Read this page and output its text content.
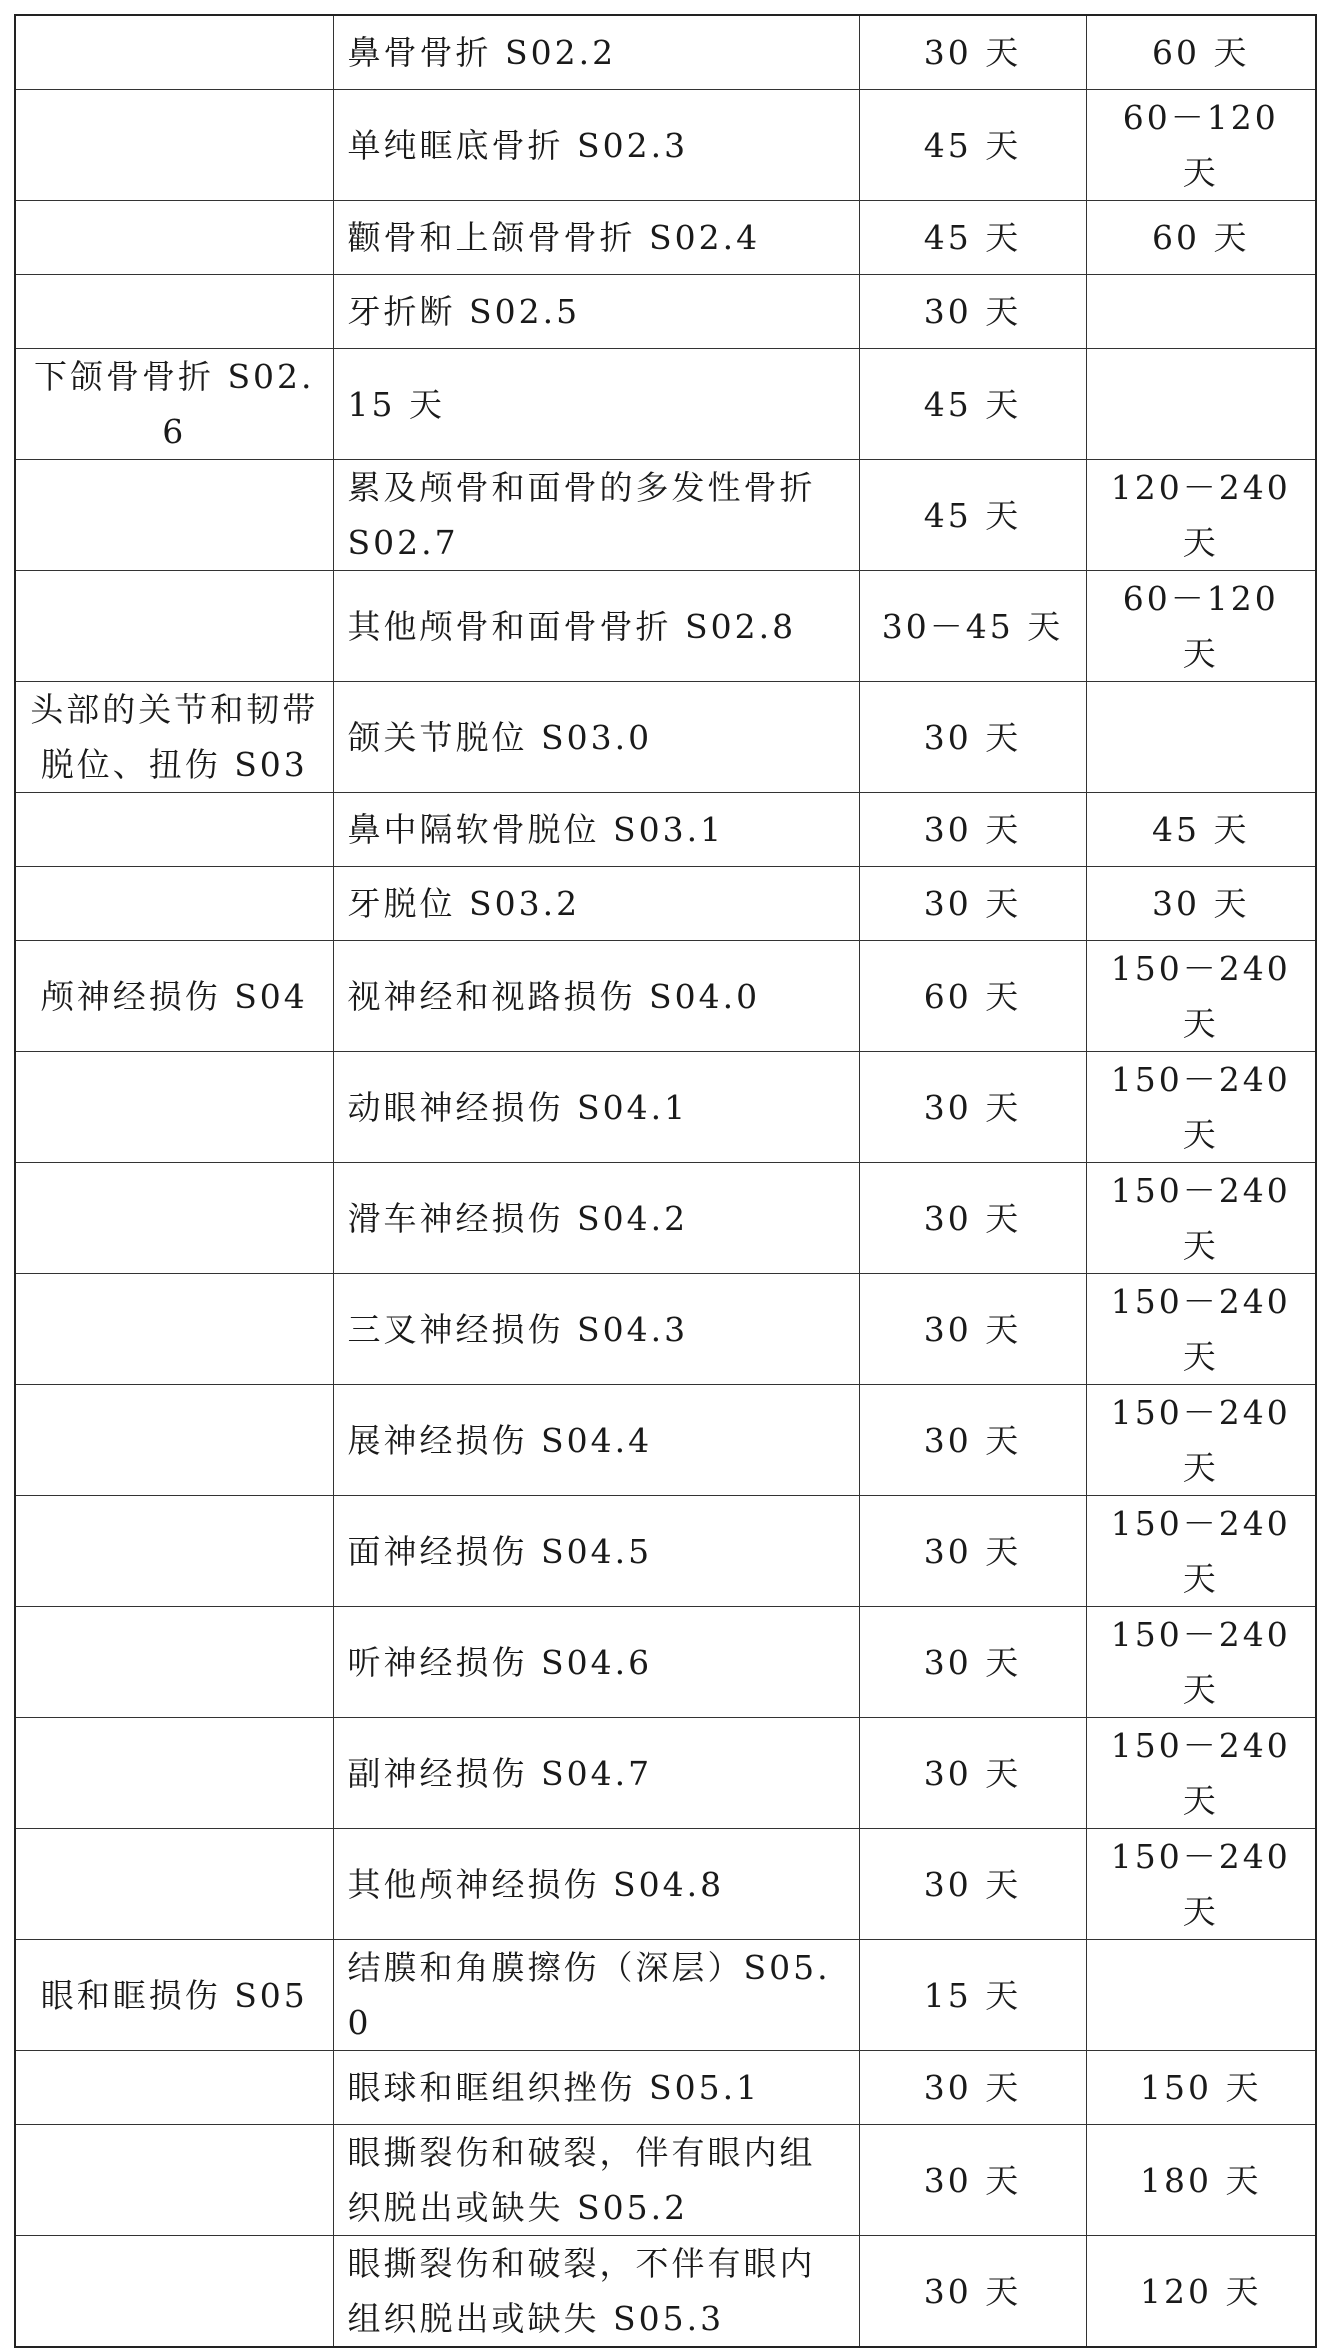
	鼻骨骨折 S02.2	30 天	60 天
	单纯眶底骨折 S02.3	45 天	60－120 天
	颧骨和上颌骨骨折 S02.4	45 天	60 天
	牙折断 S02.5	30 天	
下颌骨骨折 S02.6	15 天	45 天	
	累及颅骨和面骨的多发性骨折 S02.7	45 天	120－240 天
	其他颅骨和面骨骨折 S02.8	30－45 天	60－120 天
头部的关节和韧带脱位、扭伤 S03	颌关节脱位 S03.0	30 天	
	鼻中隔软骨脱位 S03.1	30 天	45 天
	牙脱位 S03.2	30 天	30 天
颅神经损伤 S04	视神经和视路损伤 S04.0	60 天	150－240 天
	动眼神经损伤 S04.1	30 天	150－240 天
	滑车神经损伤 S04.2	30 天	150－240 天
	三叉神经损伤 S04.3	30 天	150－240 天
	展神经损伤 S04.4	30 天	150－240 天
	面神经损伤 S04.5	30 天	150－240 天
	听神经损伤 S04.6	30 天	150－240 天
	副神经损伤 S04.7	30 天	150－240 天
	其他颅神经损伤 S04.8	30 天	150－240 天
眼和眶损伤 S05	结膜和角膜擦伤（深层）S05.0	15 天	
	眼球和眶组织挫伤 S05.1	30 天	150 天
	眼撕裂伤和破裂，伴有眼内组织脱出或缺失 S05.2	30 天	180 天
	眼撕裂伤和破裂，不伴有眼内组织脱出或缺失 S05.3	30 天	120 天
